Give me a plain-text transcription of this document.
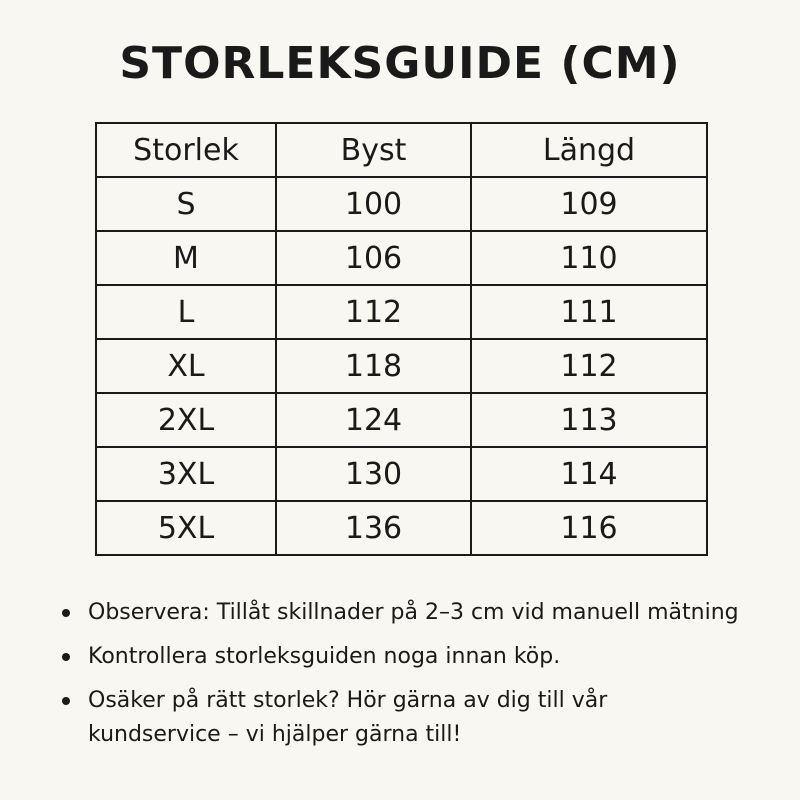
STORLEKSGUIDE (CM)
Storlek	Byst	Längd
S	100	109
M	106	110
L	112	111
XL	118	112
2XL	124	113
3XL	130	114
5XL	136	116
Observera: Tillåt skillnader på 2–3 cm vid manuell mätning
Kontrollera storleksguiden noga innan köp.
Osäker på rätt storlek? Hör gärna av dig till vår kundservice – vi hjälper gärna till!
